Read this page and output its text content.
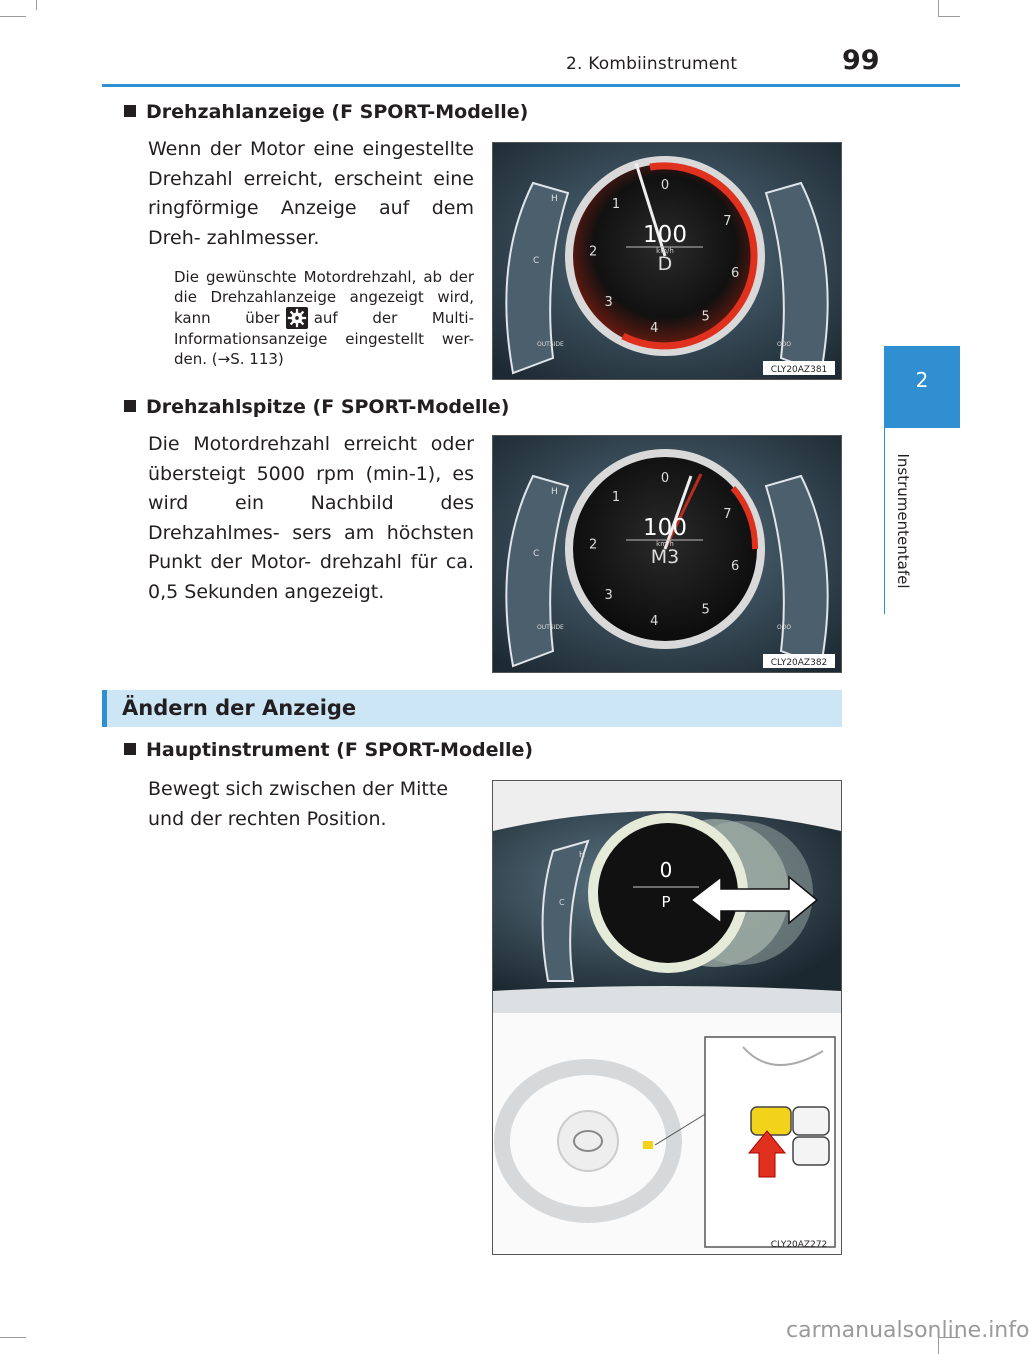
2. Kombiinstrument	99
2
Instrumententafel
Drehzahlanzeige (F SPORT-Modelle)
Wenn der Motor eine eingestellte Drehzahl erreicht, erscheint eine ringförmige Anzeige auf dem Dreh- zahlmesser.
Die gewünschte Motordrehzahl, ab der die Drehzahlanzeige angezeigt wird, kann über auf der Multi- Informationsanzeige eingestellt wer- den. (→S. 113)
0
1
2
3
4
5
6
7
100
km/h
D
H
C
OUTSIDE	ODO
CLY20AZ381
Drehzahlspitze (F SPORT-Modelle)
Die Motordrehzahl erreicht oder übersteigt 5000 rpm (min-1), es wird ein Nachbild des Drehzahlmes- sers am höchsten Punkt der Motor- drehzahl für ca. 0,5 Sekunden angezeigt.
0
1
2
3
4
5
6
7
100
km/h
M3
H
C
OUTSIDE	ODO
CLY20AZ382
Ändern der Anzeige
Hauptinstrument (F SPORT-Modelle)
Bewegt sich zwischen der Mitte und der rechten Position.
H
C
0
P
CLY20AZ272
carmanualsonline.info
